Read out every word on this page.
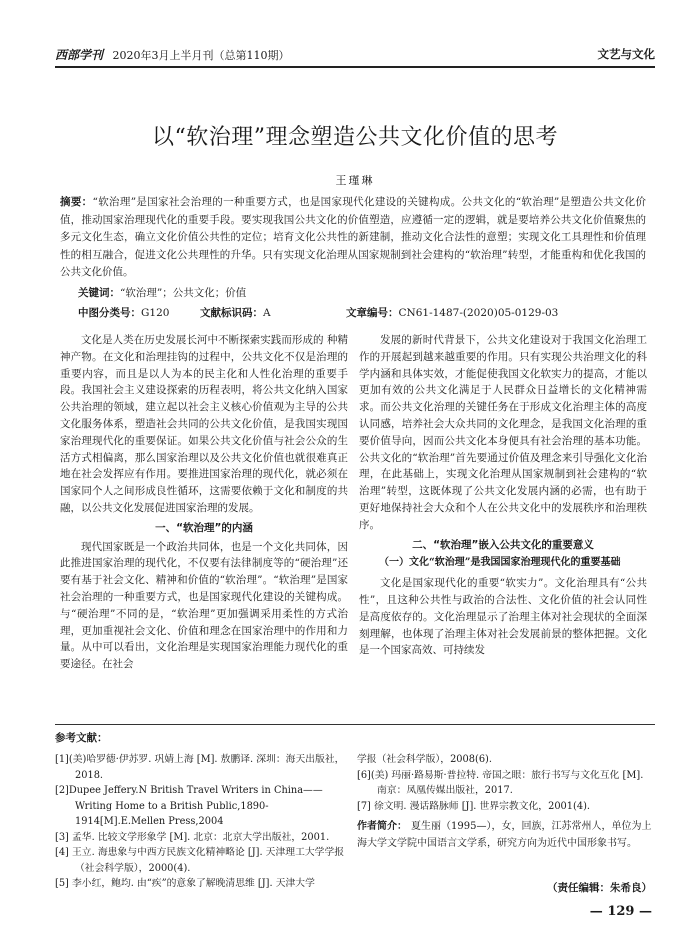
西部学刊 2020年3月上半月刊（总第110期）	文艺与文化
以“软治理”理念塑造公共文化价值的思考
王瑾琳
摘要：“软治理”是国家社会治理的一种重要方式，也是国家现代化建设的关键构成。公共文化的“软治理”是塑造公共文化价值，推动国家治理现代化的重要手段。要实现我国公共文化的价值塑造，应遵循一定的逻辑，就是要培养公共文化价值聚焦的多元文化生态，确立文化价值公共性的定位；培育文化公共性的新建制，推动文化合法性的意塑；实现文化工具理性和价值理性的相互融合，促进文化公共理性的升华。只有实现文化治理从国家规制到社会建构的“软治理”转型，才能重构和优化我国的公共文化价值。
关键词：“软治理”；公共文化；价值
中图分类号：G120	文献标识码：A	文章编号：CN61-1487-(2020)05-0129-03

文化是人类在历史发展长河中不断探索实践而形成的 种精神产物。在文化和治理挂钩的过程中，公共文化不仅是治理的重要内容，而且是以人为本的民主化和人性化治理的重要手段。我国社会主义建设探索的历程表明，将公共文化纳入国家公共治理的领域，建立起以社会主义核心价值观为主导的公共文化服务体系，塑造社会共同的公共文化价值，是我国实现国家治理现代化的重要保证。如果公共文化价值与社会公众的生活方式相偏离，那么国家治理以及公共文化价值也就很难真正地在社会发挥应有作用。要推进国家治理的现代化，就必须在国家同个人之间形成良性循环，这需要依赖于文化和制度的共融，以公共文化发展促进国家治理的发展。

一、“软治理”的内涵

现代国家既是一个政治共同体，也是一个文化共同体，因此推进国家治理的现代化，不仅要有法律制度等的“硬治理”还要有基于社会文化、精神和价值的“软治理”。“软治理”是国家社会治理的一种重要方式，也是国家现代化建设的关键构成。与“硬治理”不同的是，“软治理”更加强调采用柔性的方式治理，更加重视社会文化、价值和理念在国家治理中的作用和力量。从中可以看出，文化治理是实现国家治理能力现代化的重要途径。在社会

发展的新时代背景下，公共文化建设对于我国文化治理工作的开展起到越来越重要的作用。只有实现公共治理文化的科学内涵和具体实效，才能促使我国文化软实力的提高，才能以更加有效的公共文化满足于人民群众日益增长的文化精神需求。而公共文化治理的关键任务在于形成文化治理主体的高度认同感，培养社会大众共同的文化理念，是我国文化治理的重要价值导向，因而公共文化本身便具有社会治理的基本功能。公共文化的“软治理”首先要通过价值及理念来引导强化文化治理，在此基础上，实现文化治理从国家规制到社会建构的“软治理”转型，这既体现了公共文化发展内涵的必需，也有助于更好地保持社会大众和个人在公共文化中的发展秩序和治理秩序。

二、“软治理”嵌入公共文化的重要意义
（一）文化“软治理”是我国国家治理现代化的重要基础

文化是国家现代化的重要“软实力”。文化治理具有“公共性”，且这种公共性与政治的合法性、文化价值的社会认同性是高度依存的。文化治理显示了治理主体对社会现状的全面深刻理解，也体现了治理主体对社会发展前景的整体把握。文化是一个国家高效、可持续发

参考文献：
[1](美)哈罗德·伊苏罗. 巩婧上海 [M]. 敖鹏译. 深圳：海天出版社，2018.
[2]Dupee Jeffery.N British Travel Writers in China——Writing Home to a British Public,1890-1914[M].E.Mellen Press,2004
[3] 孟华. 比较文学形象学 [M]. 北京：北京大学出版社，2001.
[4] 王立. 海患象与中西方民族文化精神略论 [J]. 天津理工大学学报（社会科学版），2000(4).
[5] 李小红，鲍均. 由“疾”的意象了解晚清思维 [J]. 天津大学
学报（社会科学版），2008(6).
[6](美) 玛丽·路易斯·普拉特. 帝国之眼：旅行书写与文化互化 [M]. 南京：凤凰传媒出版社，2017.
[7] 徐文明. 漫话路脉师 [J]. 世界宗教文化，2001(4).
作者简介： 夏生丽（1995—），女，回族，江苏常州人，单位为上海大学文学院中国语言文学系，研究方向为近代中国形象书写。
（责任编辑：朱希良）
— 129 —
